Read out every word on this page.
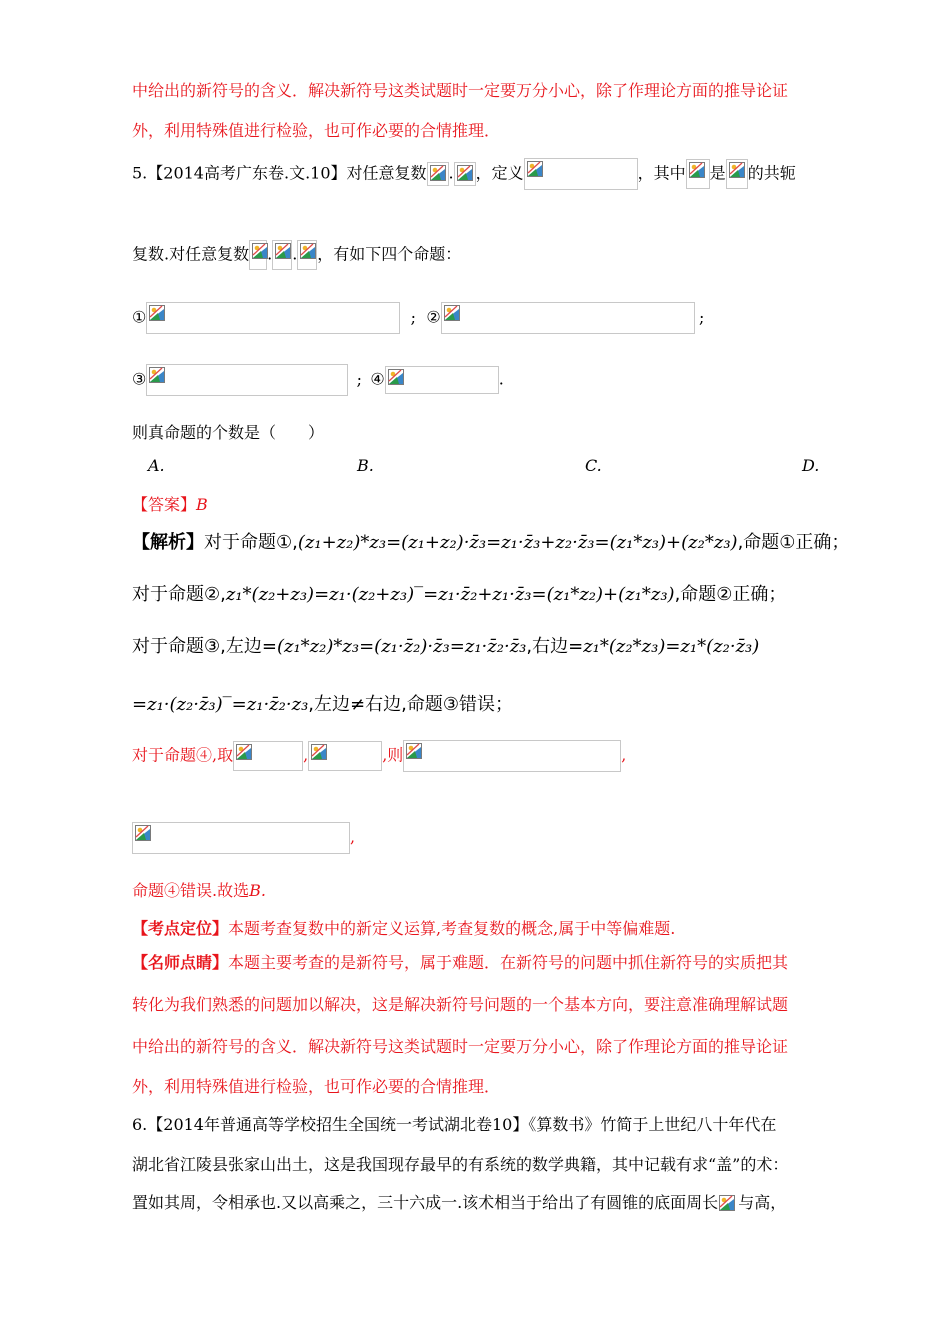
中给出的新符号的含义．解决新符号这类试题时一定要万分小心，除了作理论方面的推导论证
外，利用特殊值进行检验，也可作必要的合情推理．
5.【2014高考广东卷.文.10】对任意复数 . ，定义	，其中 是 的共轭
复数.对任意复数 . . ，有如下四个命题：
①	; ②	;
③	; ④	.
则真命题的个数是（　　）
A.	B.	C.	D.
【答案】B
【解析】对于命题①,(z₁+z₂)*z₃=(z₁+z₂)·z̄₃=z₁·z̄₃+z₂·z̄₃=(z₁*z₃)+(z₂*z₃),命题①正确；
对于命题②,z₁*(z₂+z₃)=z₁·(z₂+z₃)‾=z₁·z̄₂+z₁·z̄₃=(z₁*z₂)+(z₁*z₃),命题②正确；
对于命题③,左边=(z₁*z₂)*z₃=(z₁·z̄₂)·z̄₃=z₁·z̄₂·z̄₃,右边=z₁*(z₂*z₃)=z₁*(z₂·z̄₃)
=z₁·(z₂·z̄₃)‾=z₁·z̄₂·z₃,左边≠右边,命题③错误；
对于命题④,取	,	,则	,
,
命题④错误.故选B.
【考点定位】本题考查复数中的新定义运算,考查复数的概念,属于中等偏难题.
【名师点睛】本题主要考查的是新符号，属于难题．在新符号的问题中抓住新符号的实质把其
转化为我们熟悉的问题加以解决，这是解决新符号问题的一个基本方向，要注意准确理解试题
中给出的新符号的含义．解决新符号这类试题时一定要万分小心，除了作理论方面的推导论证
外，利用特殊值进行检验，也可作必要的合情推理．
6.【2014年普通高等学校招生全国统一考试湖北卷10】《算数书》竹简于上世纪八十年代在
湖北省江陵县张家山出土，这是我国现存最早的有系统的数学典籍，其中记载有求“盖”的术：
置如其周，令相承也.又以高乘之，三十六成一.该术相当于给出了有圆锥的底面周长 与高，
